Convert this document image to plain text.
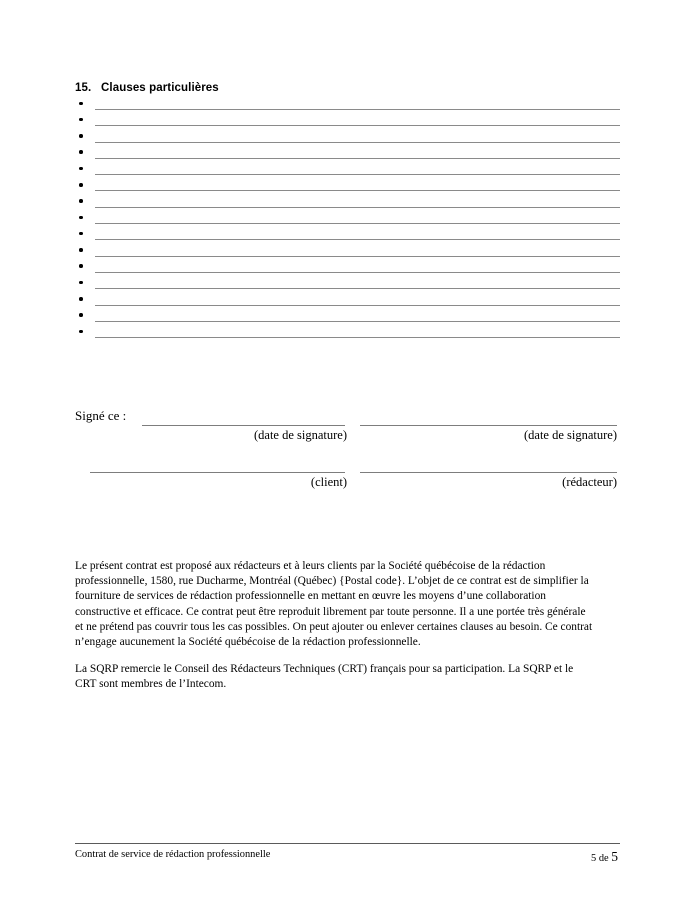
15. Clauses particulières
Signé ce :
(date de signature)	(date de signature)
(client)	(rédacteur)

Le présent contrat est proposé aux rédacteurs et à leurs clients par la Société québécoise de la rédaction professionnelle, 1580, rue Ducharme, Montréal (Québec) {Postal code}. L’objet de ce contrat est de simplifier la fourniture de services de rédaction professionnelle en mettant en œuvre les moyens d’une collaboration constructive et efficace. Ce contrat peut être reproduit librement par toute personne. Il a une portée très générale et ne prétend pas couvrir tous les cas possibles. On peut ajouter ou enlever certaines clauses au besoin. Ce contrat n’engage aucunement la Société québécoise de la rédaction professionnelle.

La SQRP remercie le Conseil des Rédacteurs Techniques (CRT) français pour sa participation. La SQRP et le CRT sont membres de l’Intecom.

Contrat de service de rédaction professionnelle	5 de 5
